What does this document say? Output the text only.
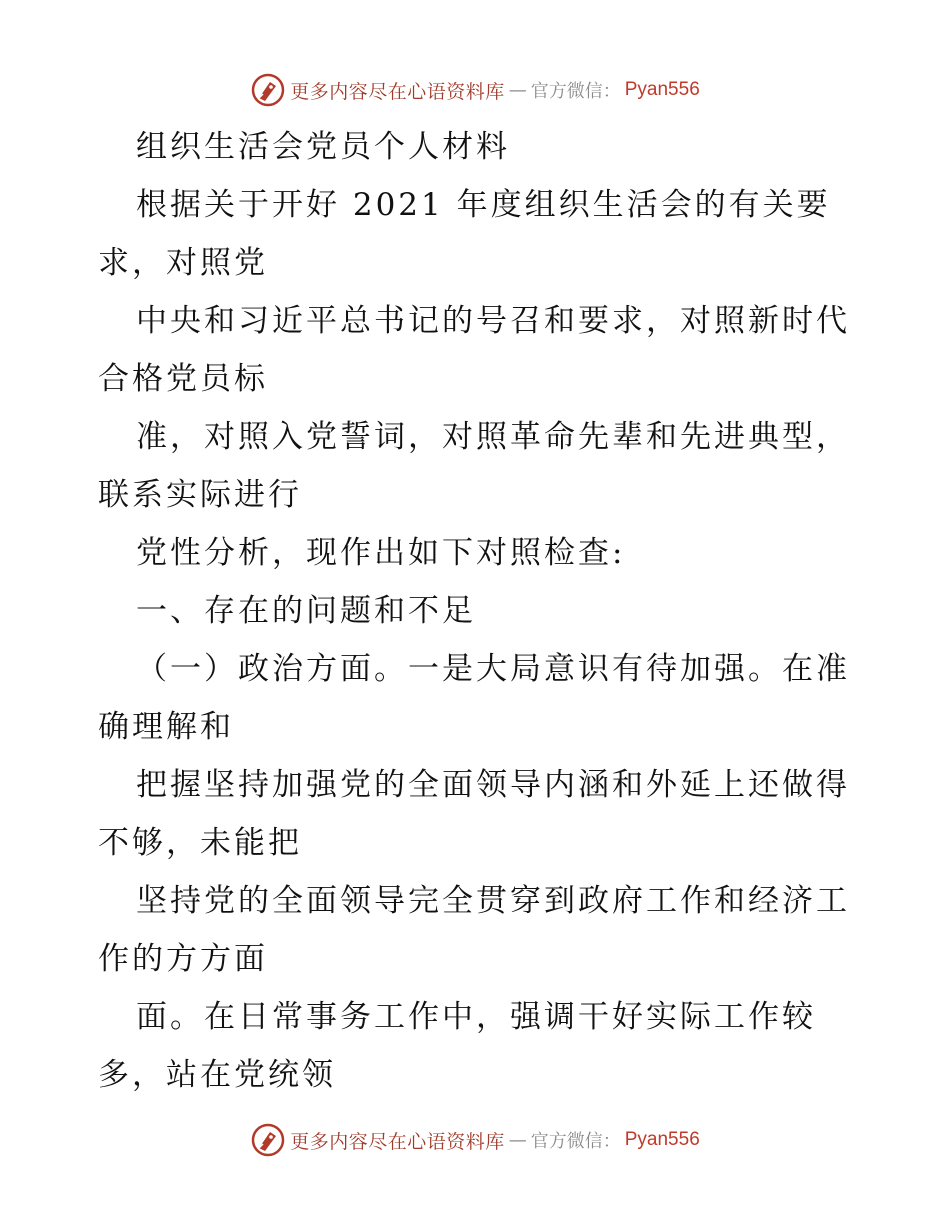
更多内容尽在心语资料库 — 官方微信： Pyan556
组织生活会党员个人材料
根据关于开好 2021 年度组织生活会的有关要
求，对照党
中央和习近平总书记的号召和要求，对照新时代
合格党员标
准，对照入党誓词，对照革命先辈和先进典型，
联系实际进行
党性分析，现作出如下对照检查:
一、存在的问题和不足
（一）政治方面。一是大局意识有待加强。在准
确理解和
把握坚持加强党的全面领导内涵和外延上还做得
不够，未能把
坚持党的全面领导完全贯穿到政府工作和经济工
作的方方面
面。在日常事务工作中，强调干好实际工作较
多，站在党统领
更多内容尽在心语资料库 — 官方微信： Pyan556
